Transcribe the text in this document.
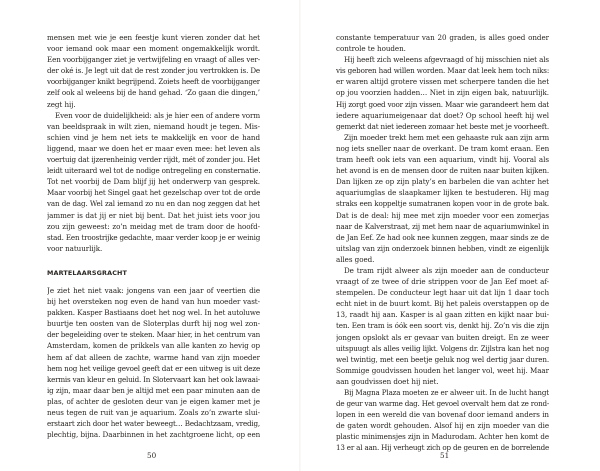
mensen met wie je een feestje kunt vieren zonder dat het
voor iemand ook maar een moment ongemakkelijk wordt.
Een voorbijganger ziet je vertwijfeling en vraagt of alles ver-
der oké is. Je legt uit dat de rest zonder jou vertrokken is. De
voorbijganger knikt begrijpend. Zoiets heeft de voorbijganger
zelf ook al weleens bij de hand gehad. ‘Zo gaan die dingen,’
zegt hij.
Even voor de duidelijkheid: als je hier een of andere vorm
van beeldspraak in wilt zien, niemand houdt je tegen. Mis-
schien vind je hem net iets te makkelijk en voor de hand
liggend, maar we doen het er maar even mee: het leven als
voertuig dat ijzerenheinig verder rijdt, mét of zonder jou. Het
leidt uiteraard wel tot de nodige ontregeling en consternatie.
Tot net voorbij de Dam blijf jij het onderwerp van gesprek.
Maar voorbij het Singel gaat het gezelschap over tot de orde
van de dag. Wel zal iemand zo nu en dan nog zeggen dat het
jammer is dat jij er niet bij bent. Dat het juist iets voor jou
zou zijn geweest: zo’n meidag met de tram door de hoofd-
stad. Een troostrijke gedachte, maar verder koop je er weinig
voor natuurlijk.
MARTELAARSGRACHT
Je ziet het niet vaak: jongens van een jaar of veertien die
bij het oversteken nog even de hand van hun moeder vast-
pakken. Kasper Bastiaans doet het nog wel. In het autoluwe
buurtje ten oosten van de Sloterplas durft hij nog wel zon-
der begeleiding over te steken. Maar hier, in het centrum van
Amsterdam, komen de prikkels van alle kanten zo hevig op
hem af dat alleen de zachte, warme hand van zijn moeder
hem nog het veilige gevoel geeft dat er een uitweg is uit deze
kermis van kleur en geluid. In Slotervaart kan het ook lawaai-
ig zijn, maar daar ben je altijd met een paar minuten aan de
plas, of achter de gesloten deur van je eigen kamer met je
neus tegen de ruit van je aquarium. Zoals zo’n zwarte slui-
erstaart zich door het water beweegt… Bedachtzaam, vredig,
plechtig, bijna. Daarbinnen in het zachtgroene licht, op een
50
constante temperatuur van 20 graden, is alles goed onder
controle te houden.
Hij heeft zich weleens afgevraagd of hij misschien niet als
vis geboren had willen worden. Maar dat leek hem toch niks:
er waren altijd grotere vissen met scherpere tanden die het
op jou voorzien hadden… Niet in zijn eigen bak, natuurlijk.
Hij zorgt goed voor zijn vissen. Maar wie garandeert hem dat
iedere aquariumeigenaar dat doet? Op school heeft hij wel
gemerkt dat niet iedereen zomaar het beste met je voorheeft.
Zijn moeder trekt hem met een gehaaste ruk aan zijn arm
nog iets sneller naar de overkant. De tram komt eraan. Een
tram heeft ook iets van een aquarium, vindt hij. Vooral als
het avond is en de mensen door de ruiten naar buiten kijken.
Dan lijken ze op zijn platy’s en barbelen die van achter het
aquariumglas de slaapkamer lijken te bestuderen. Hij mag
straks een koppeltje sumatranen kopen voor in de grote bak.
Dat is de deal: hij mee met zijn moeder voor een zomerjas
naar de Kalverstraat, zij met hem naar de aquariumwinkel in
de Jan Eef. Ze had ook nee kunnen zeggen, maar sinds ze de
uitslag van zijn onderzoek binnen hebben, vindt ze eigenlijk
alles goed.
De tram rijdt alweer als zijn moeder aan de conducteur
vraagt of ze twee of drie strippen voor de Jan Eef moet af-
stempelen. De conducteur legt haar uit dat lijn 1 daar toch
echt niet in de buurt komt. Bij het paleis overstappen op de
13, raadt hij aan. Kasper is al gaan zitten en kijkt naar bui-
ten. Een tram is óók een soort vis, denkt hij. Zo’n vis die zijn
jongen opslokt als er gevaar van buiten dreigt. En ze weer
uitspuugt als alles veilig lijkt. Volgens dr. Zijlstra kan het nog
wel twintig, met een beetje geluk nog wel dertig jaar duren.
Sommige goudvissen houden het langer vol, weet hij. Maar
aan goudvissen doet hij niet.
Bij Magna Plaza moeten ze er alweer uit. In de lucht hangt
de geur van warme dag. Het gevoel overvalt hem dat ze rond-
lopen in een wereld die van bovenaf door iemand anders in
de gaten wordt gehouden. Alsof hij en zijn moeder van die
plastic minimensjes zijn in Madurodam. Achter hen komt de
13 er al aan. Hij verheugt zich op de geuren en de borrelende
51
